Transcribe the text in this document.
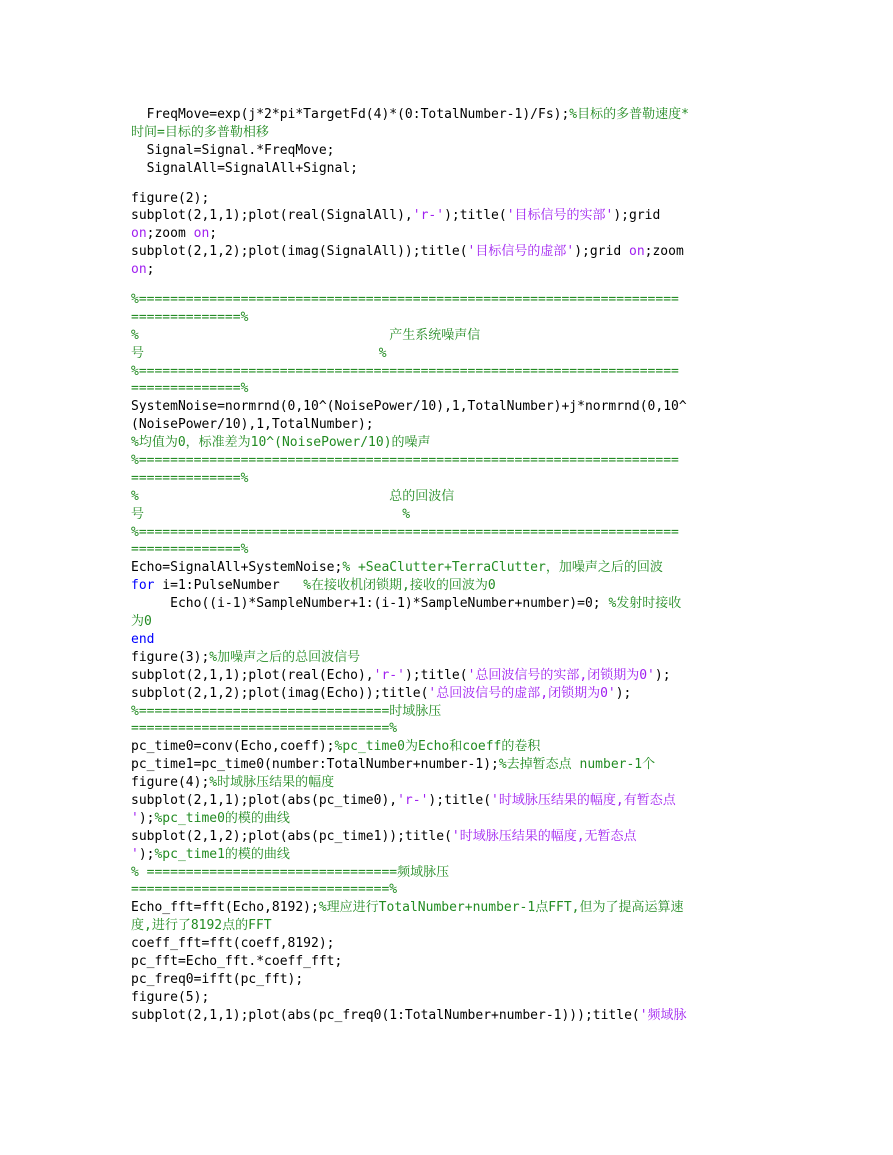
FreqMove=exp(j*2*pi*TargetFd(4)*(0:TotalNumber-1)/Fs);%目标的多普勒速度*
时间=目标的多普勒相移
Signal=Signal.*FreqMove;
SignalAll=SignalAll+Signal;
figure(2);
subplot(2,1,1);plot(real(SignalAll),'r-');title('目标信号的实部');grid
on;zoom on;
subplot(2,1,2);plot(imag(SignalAll));title('目标信号的虚部');grid on;zoom
on;
%=====================================================================
==============%
%                                产生系统噪声信
号                              %
%=====================================================================
==============%
SystemNoise=normrnd(0,10^(NoisePower/10),1,TotalNumber)+j*normrnd(0,10^
(NoisePower/10),1,TotalNumber);
%均值为0，标准差为10^(NoisePower/10)的噪声
%=====================================================================
==============%
%                                总的回波信
号                                 %
%=====================================================================
==============%
Echo=SignalAll+SystemNoise;% +SeaClutter+TerraClutter，加噪声之后的回波
for i=1:PulseNumber   %在接收机闭锁期,接收的回波为0
Echo((i-1)*SampleNumber+1:(i-1)*SampleNumber+number)=0; %发射时接收
为0
end
figure(3);%加噪声之后的总回波信号
subplot(2,1,1);plot(real(Echo),'r-');title('总回波信号的实部,闭锁期为0');
subplot(2,1,2);plot(imag(Echo));title('总回波信号的虚部,闭锁期为0');
%================================时域脉压
=================================%
pc_time0=conv(Echo,coeff);%pc_time0为Echo和coeff的卷积
pc_time1=pc_time0(number:TotalNumber+number-1);%去掉暂态点 number-1个
figure(4);%时域脉压结果的幅度
subplot(2,1,1);plot(abs(pc_time0),'r-');title('时域脉压结果的幅度,有暂态点
');%pc_time0的模的曲线
subplot(2,1,2);plot(abs(pc_time1));title('时域脉压结果的幅度,无暂态点
');%pc_time1的模的曲线
% ================================频域脉压
=================================%
Echo_fft=fft(Echo,8192);%理应进行TotalNumber+number-1点FFT,但为了提高运算速
度,进行了8192点的FFT
coeff_fft=fft(coeff,8192);
pc_fft=Echo_fft.*coeff_fft;
pc_freq0=ifft(pc_fft);
figure(5);
subplot(2,1,1);plot(abs(pc_freq0(1:TotalNumber+number-1)));title('频域脉
